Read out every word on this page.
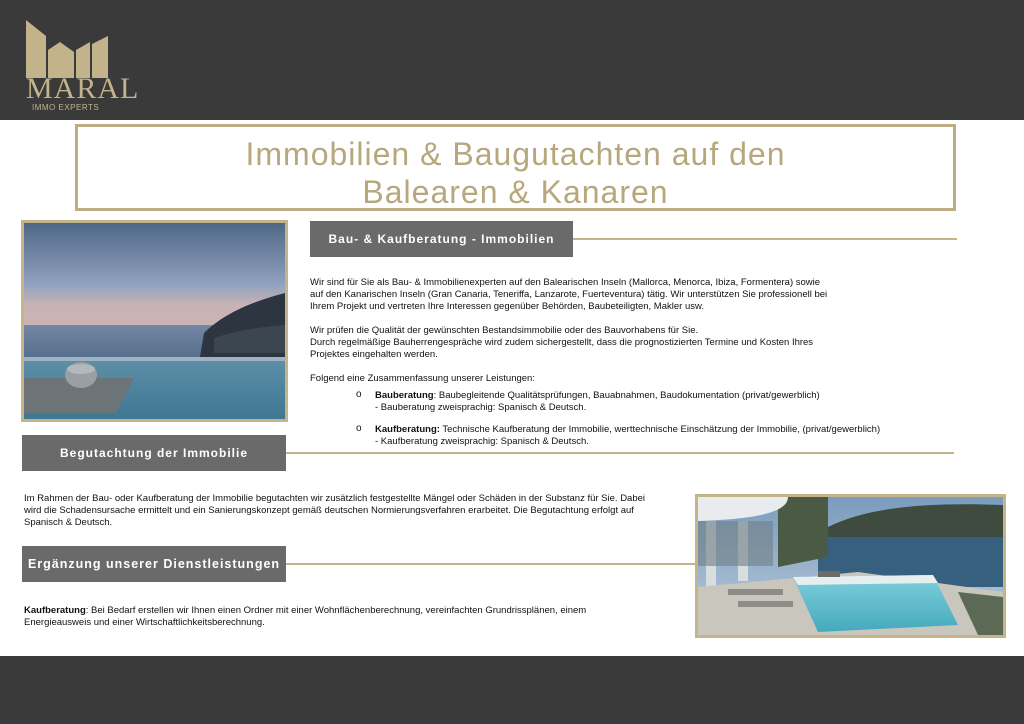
MARAL
IMMO EXPERTS
Immobilien & Baugutachten auf den
Balearen & Kanaren
Bau- & Kaufberatung - Immobilien

Wir sind für Sie als Bau- & Immobilienexperten auf den Balearischen Inseln (Mallorca, Menorca, Ibiza, Formentera) sowie auf den Kanarischen Inseln (Gran Canaria, Teneriffa, Lanzarote, Fuerteventura) tätig. Wir unterstützen Sie professionell bei Ihrem Projekt und vertreten Ihre Interessen gegenüber Behörden, Baubeteiligten, Makler usw.

Wir prüfen die Qualität der gewünschten Bestandsimmobilie oder des Bauvorhabens für Sie.
Durch regelmäßige Bauherrengespräche wird zudem sichergestellt, dass die prognostizierten Termine und Kosten Ihres Projektes eingehalten werden.

Folgend eine Zusammenfassung unserer Leistungen:

o Bauberatung: Baubegleitende Qualitätsprüfungen, Bauabnahmen, Baudokumentation (privat/gewerblich)
- Bauberatung zweisprachig: Spanisch & Deutsch.
o Kaufberatung: Technische Kaufberatung der Immobilie, werttechnische Einschätzung der Immobilie, (privat/gewerblich)
- Kaufberatung zweisprachig: Spanisch & Deutsch.
Begutachtung der Immobilie
Im Rahmen der Bau- oder Kaufberatung der Immobilie begutachten wir zusätzlich festgestellte Mängel oder Schäden in der Substanz für Sie. Dabei wird die Schadensursache ermittelt und ein Sanierungskonzept gemäß deutschen Normierungsverfahren erarbeitet. Die Begutachtung erfolgt auf Spanisch & Deutsch.
Ergänzung unserer Dienstleistungen
Kaufberatung: Bei Bedarf erstellen wir Ihnen einen Ordner mit einer Wohnflächenberechnung, vereinfachten Grundrissplänen, einem Energieausweis und einer Wirtschaftlichkeitsberechnung.
